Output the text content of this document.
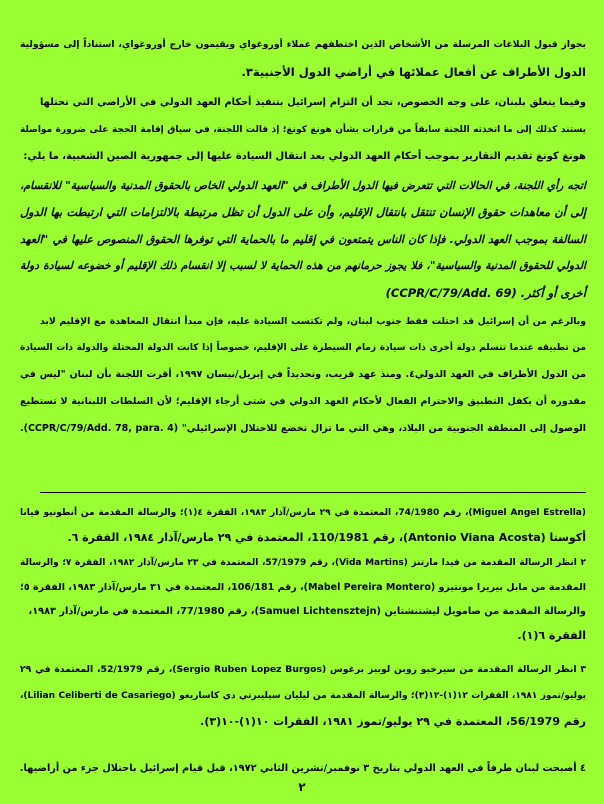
بجواز قبول البلاغات المرسلة من الأشخاص الذين اختطفهم عملاء أوروغواي ويقيمون خارج أوروغواي، استناداً إلى مسؤولية
الدول الأطراف عن أفعال عملائها في أراضي الدول الأجنبية٣.
وفيما يتعلق بلبنان، على وجه الخصوص، تجد أن التزام إسرائيل بتنفيذ أحكام العهد الدولي في الأراضي التي تحتلها
يستند كذلك إلى ما اتخذته اللجنة سابقاً من قرارات بشأن هونغ كونغ؛ إذ قالت اللجنة، في سياق إقامة الحجة على ضرورة مواصلة
هونغ كونغ تقديم التقارير بموجب أحكام العهد الدولي بعد انتقال السيادة عليها إلى جمهورية الصين الشعبية، ما يلي:
اتجه رأي اللجنة، في الحالات التي تتعرض فيها الدول الأطراف في "العهد الدولي الخاص بالحقوق المدنية والسياسية" للانقسام،
إلى أن معاهدات حقوق الإنسان تنتقل بانتقال الإقليم، وأن على الدول أن تظل مرتبطة بالالتزامات التي ارتبطت بها الدول
السالفة بموجب العهد الدولي. فإذا كان الناس يتمتعون في إقليم ما بالحماية التي توفرها الحقوق المنصوص عليها في "العهد
الدولي للحقوق المدنية والسياسية"، فلا يجوز حرمانهم من هذه الحماية لا لسبب إلا انقسام ذلك الإقليم أو خضوعه لسيادة دولة
أخرى أو أكثر. (CCPR/C/79/Add. 69)
وبالرغم من أن إسرائيل قد احتلت فقط جنوب لبنان، ولم تكتسب السيادة عليه، فإن مبدأ انتقال المعاهدة مع الإقليم لابد
من تطبيقه عندما تتسلم دولة أخرى ذات سيادة زمام السيطرة على الإقليم، خصوصاً إذا كانت الدولة المحتلة والدولة ذات السيادة
من الدول الأطراف في العهد الدولي٤. ومنذ عهد قريب، وتحديداً في إبريل/نيسان ١٩٩٧، أقرت اللجنة بأن لبنان "ليس في
مقدوره أن يكفل التطبيق والاحترام الفعال لأحكام العهد الدولي في شتى أرجاء الإقليم؛ لأن السلطات اللبنانية لا تستطيع
الوصول إلى المنطقة الجنوبية من البلاد، وهي التي ما تزال تخضع للاحتلال الإسرائيلي" (CCPR/C/79/Add. 78, para. 4).
(Miguel Angel Estrella)، رقم 74/1980، المعتمدة في ٢٩ مارس/آذار ١٩٨٣، الفقرة ٤(١)؛ والرسالة المقدمة من أنطونيو فيانا
أكوستا (Antonio Viana Acosta)، رقم 110/1981، المعتمدة في ٢٩ مارس/آذار ١٩٨٤، الفقرة ٦.
٢ انظر الرسالة المقدمة من فيدا مارتنز (Vida Martins)، رقم 57/1979، المعتمدة في ٢٣ مارس/آذار ١٩٨٢، الفقرة ٧؛ والرسالة
المقدمة من مابل بيريرا مونتيرو (Mabel Pereira Montero)، رقم 106/181، المعتمدة في ٣١ مارس/آذار ١٩٨٣، الفقرة ٥؛
والرسالة المقدمة من صامويل ليشتنشتاين (Samuel Lichtensztejn)، رقم 77/1980، المعتمدة في مارس/آذار ١٩٨٣،
الفقرة ٦(١).
٣ انظر الرسالة المقدمة من سيرخيو روبن لوبيز برغوس (Sergio Ruben Lopez Burgos)، رقم 52/1979، المعتمدة في ٢٩
يوليو/تموز ١٩٨١، الفقرات ١٢(١)-١٢(٣)؛ والرسالة المقدمة من ليليان سيليبرتي دي كاساريغو (Lilian Celiberti de Casariego)،
رقم 56/1979، المعتمدة في ٢٩ يوليو/تموز ١٩٨١، الفقرات ١٠(١)-١٠(٣).
٤ أصبحت لبنان طرفاً في العهد الدولي بتاريخ ٣ نوفمبر/تشرين الثاني ١٩٧٢، قبل قيام إسرائيل باحتلال جزء من أراضيها.
٢
